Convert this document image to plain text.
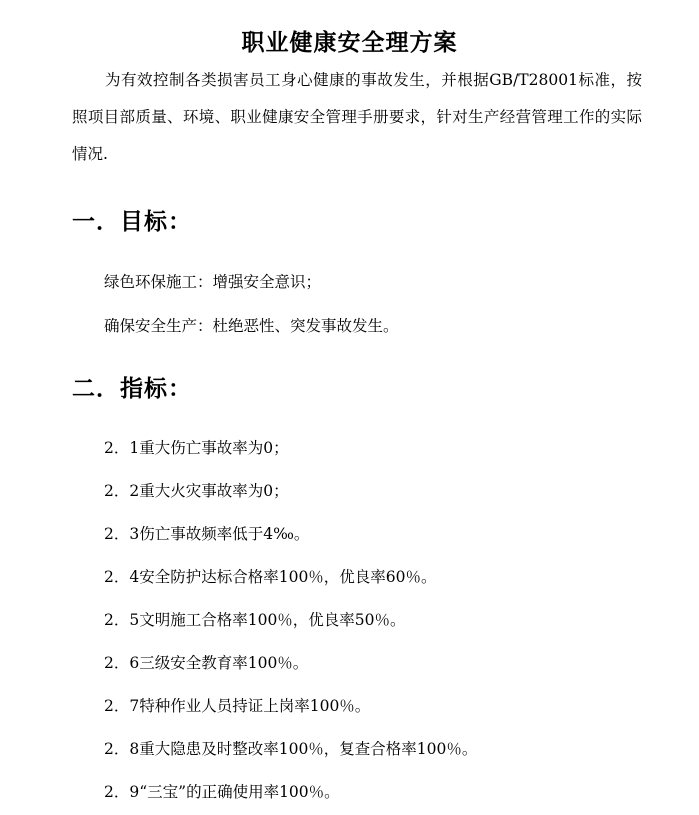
职业健康安全理方案

为有效控制各类损害员工身心健康的事故发生，并根据GB/T28001标准，按照项目部质量、环境、职业健康安全管理手册要求，针对生产经营管理工作的实际情况.

一．目标：

绿色环保施工：增强安全意识；

确保安全生产：杜绝恶性、突发事故发生。

二．指标：

2．1重大伤亡事故率为0；

2．2重大火灾事故率为0；

2．3伤亡事故频率低于4‰。

2．4安全防护达标合格率100％，优良率60％。

2．5文明施工合格率100％，优良率50％。

2．6三级安全教育率100％。

2．7特种作业人员持证上岗率100％。

2．8重大隐患及时整改率100％，复查合格率100％。

2．9“三宝”的正确使用率100％。
